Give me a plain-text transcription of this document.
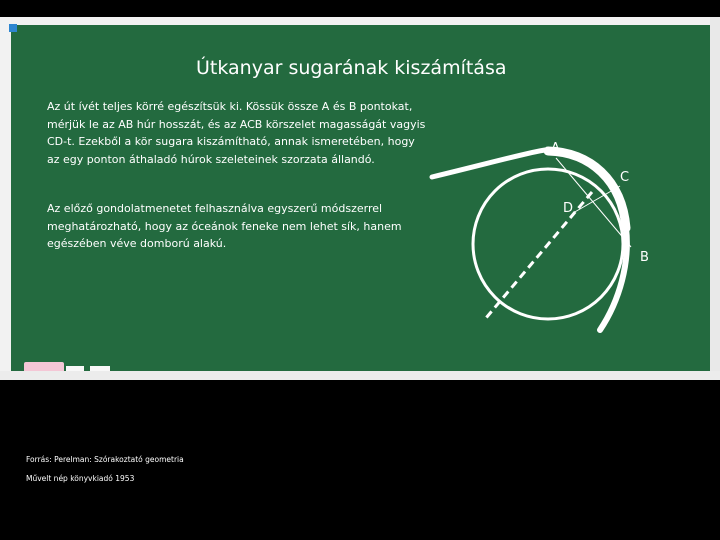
Útkanyar sugarának kiszámítása
Az út ívét teljes körré egészítsük ki. Kössük össze A és B pontokat, mérjük le az AB húr hosszát, és az ACB körszelet magasságát vagyis CD-t. Ezekből a kör sugara kiszámítható, annak ismeretében, hogy az egy ponton áthaladó húrok szeleteinek szorzata állandó.
Az előző gondolatmenetet felhasználva egyszerű módszerrel meghatározható, hogy az óceánok feneke nem lehet sík, hanem egészében véve domború alakú.
A
C
D
B
Forrás: Perelman: Szórakoztató geometria
Művelt nép könyvkiadó 1953
